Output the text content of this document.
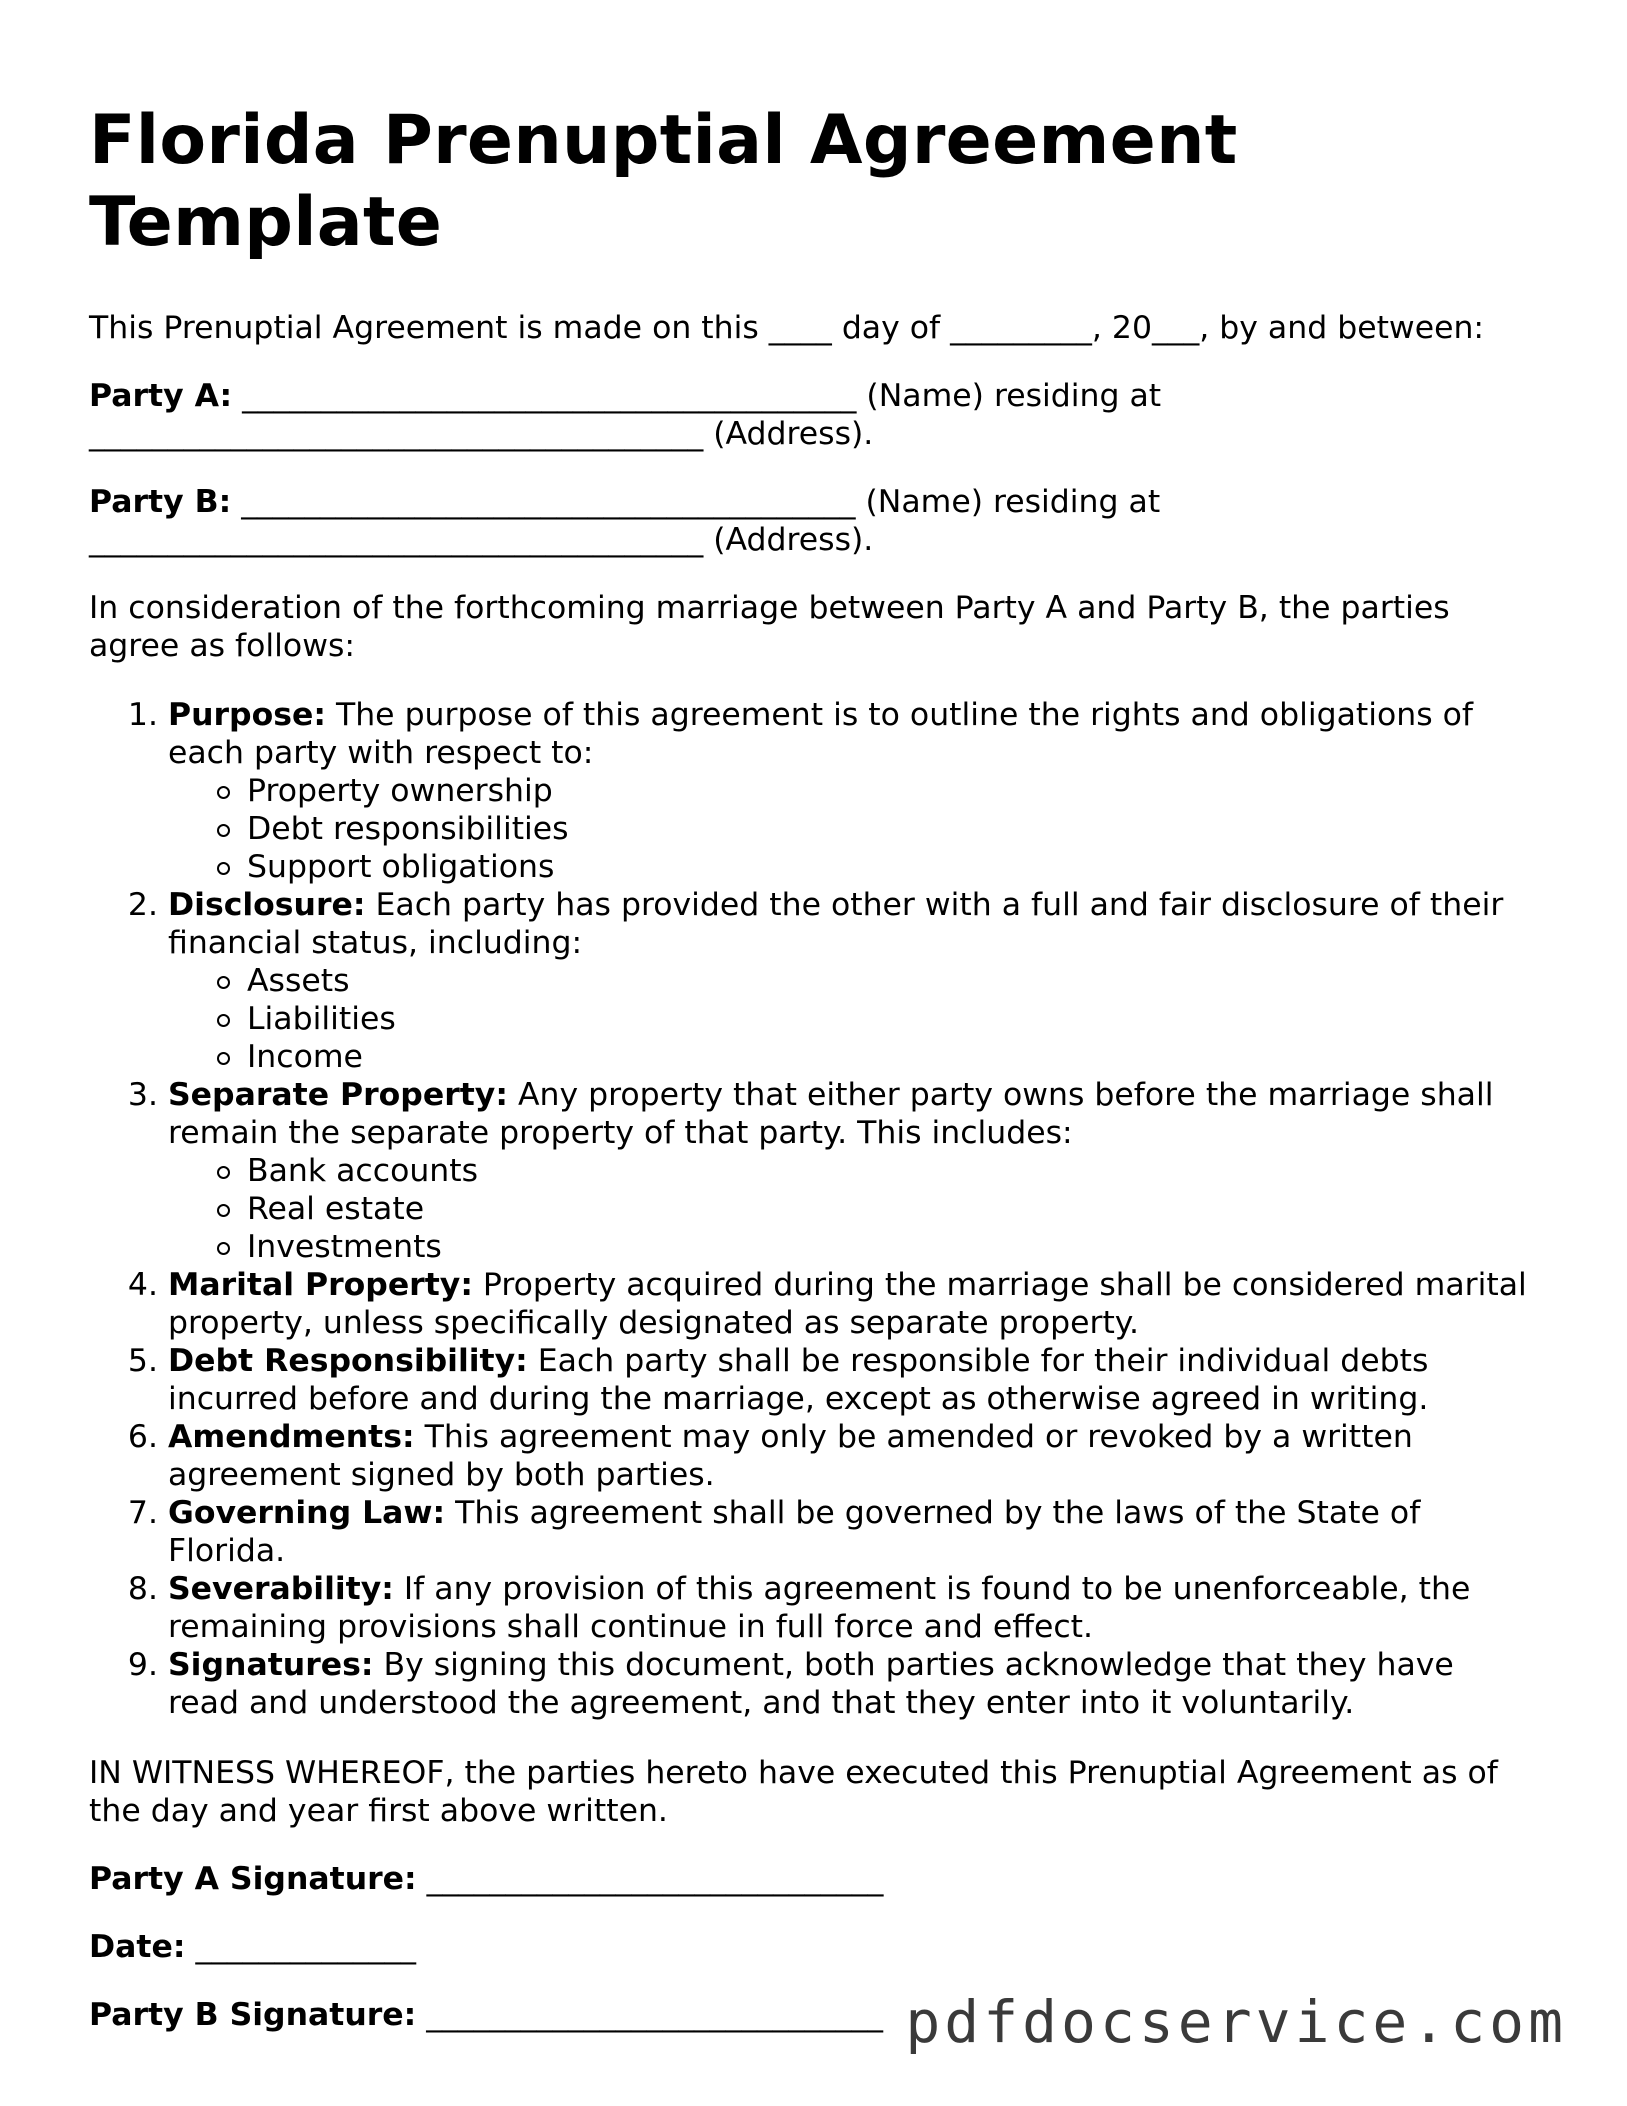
Florida Prenuptial Agreement Template

This Prenuptial Agreement is made on this ____ day of _________, 20___, by and between:

Party A: _______________________________________ (Name) residing at
_______________________________________ (Address).

Party B: _______________________________________ (Name) residing at
_______________________________________ (Address).

In consideration of the forthcoming marriage between Party A and Party B, the parties agree as follows:

1. Purpose: The purpose of this agreement is to outline the rights and obligations of each party with respect to:
Property ownership
Debt responsibilities
Support obligations
2. Disclosure: Each party has provided the other with a full and fair disclosure of their financial status, including:
Assets
Liabilities
Income
3. Separate Property: Any property that either party owns before the marriage shall remain the separate property of that party. This includes:
Bank accounts
Real estate
Investments
4. Marital Property: Property acquired during the marriage shall be considered marital property, unless specifically designated as separate property.
5. Debt Responsibility: Each party shall be responsible for their individual debts incurred before and during the marriage, except as otherwise agreed in writing.
6. Amendments: This agreement may only be amended or revoked by a written agreement signed by both parties.
7. Governing Law: This agreement shall be governed by the laws of the State of Florida.
8. Severability: If any provision of this agreement is found to be unenforceable, the remaining provisions shall continue in full force and effect.
9. Signatures: By signing this document, both parties acknowledge that they have read and understood the agreement, and that they enter into it voluntarily.

IN WITNESS WHEREOF, the parties hereto have executed this Prenuptial Agreement as of the day and year first above written.

Party A Signature: _____________________________

Date: ______________

Party B Signature: _____________________________ pdfdocservice.com
